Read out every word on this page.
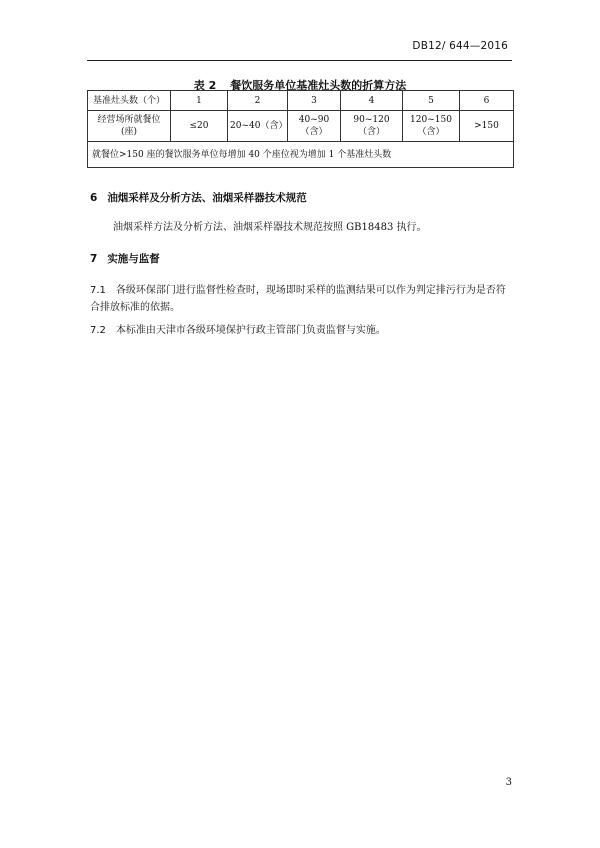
DB12/ 644—2016
表 2 餐饮服务单位基准灶头数的折算方法
基准灶头数（个）	1	2	3	4	5	6
经营场所就餐位(座)	≤20	20~40（含）	40~90（含）	90~120（含）	120~150（含）	>150
就餐位>150 座的餐饮服务单位每增加 40 个座位视为增加 1 个基准灶头数						
6 油烟采样及分析方法、油烟采样器技术规范
油烟采样方法及分析方法、油烟采样器技术规范按照 GB18483 执行。
7 实施与监督
7.1 各级环保部门进行监督性检查时，现场即时采样的监测结果可以作为判定排污行为是否符合排放标准的依据。
7.2 本标准由天津市各级环境保护行政主管部门负责监督与实施。
3
